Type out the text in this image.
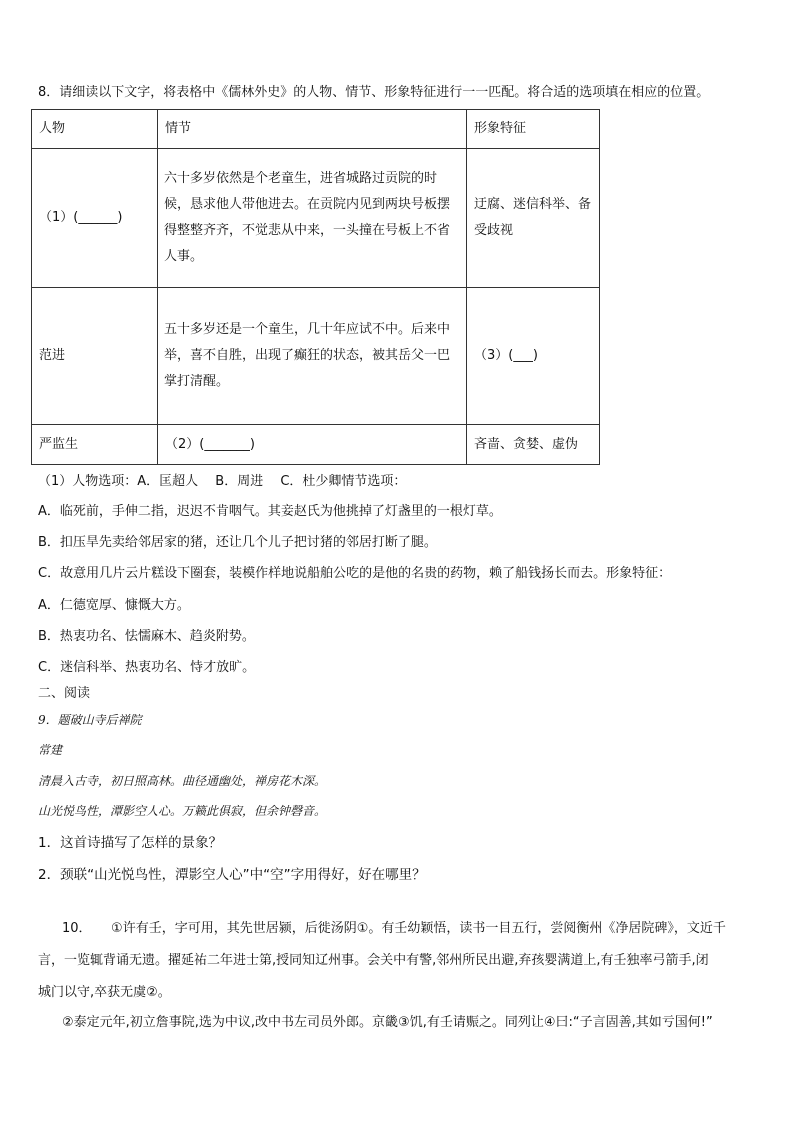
8．请细读以下文字，将表格中《儒林外史》的人物、情节、形象特征进行一一匹配。将合适的选项填在相应的位置。
人物	情节	形象特征
（1）(______)	六十多岁依然是个老童生，进省城路过贡院的时候，恳求他人带他进去。在贡院内见到两块号板摆得整整齐齐，不觉悲从中来，一头撞在号板上不省人事。	迂腐、迷信科举、备受歧视
范进	五十多岁还是一个童生，几十年应试不中。后来中举，喜不自胜，出现了癫狂的状态，被其岳父一巴掌打清醒。	（3）(___)
严监生	（2）(_______)	吝啬、贪婪、虚伪
（1）人物选项：A．匡超人　 B．周进　 C．杜少卿情节选项：
A．临死前，手伸二指，迟迟不肯咽气。其妾赵氏为他挑掉了灯盏里的一根灯草。
B．扣压旱先卖给邻居家的猪，还让几个儿子把讨猪的邻居打断了腿。
C．故意用几片云片糕设下圈套，装模作样地说船舶公吃的是他的名贵的药物，赖了船钱扬长而去。形象特征：
A．仁德宽厚、慷慨大方。
B．热衷功名、怯懦麻木、趋炎附势。
C．迷信科举、热衷功名、恃才放旷。
二、阅读
9．题破山寺后禅院
常建
清晨入古寺，初日照高林。曲径通幽处，禅房花木深。
山光悦鸟性，潭影空人心。万籁此俱寂，但余钟磬音。
1．这首诗描写了怎样的景象？
2．颈联“山光悦鸟性，潭影空人心”中“空”字用得好，好在哪里？
10．　　①许有壬，字可用，其先世居颍，后徙汤阴①。有壬幼颖悟，读书一目五行，尝阅衡州《净居院碑》，文近千
言，一览辄背诵无遗。擢延祐二年进士第,授同知辽州事。会关中有警,邻州所民出避,弃孩婴满道上,有壬独率弓箭手,闭
城门以守,卒获无虞②。
②泰定元年,初立詹事院,选为中议,改中书左司员外郎。京畿③饥,有壬请赈之。同列让④曰:“子言固善,其如亏国何!”
